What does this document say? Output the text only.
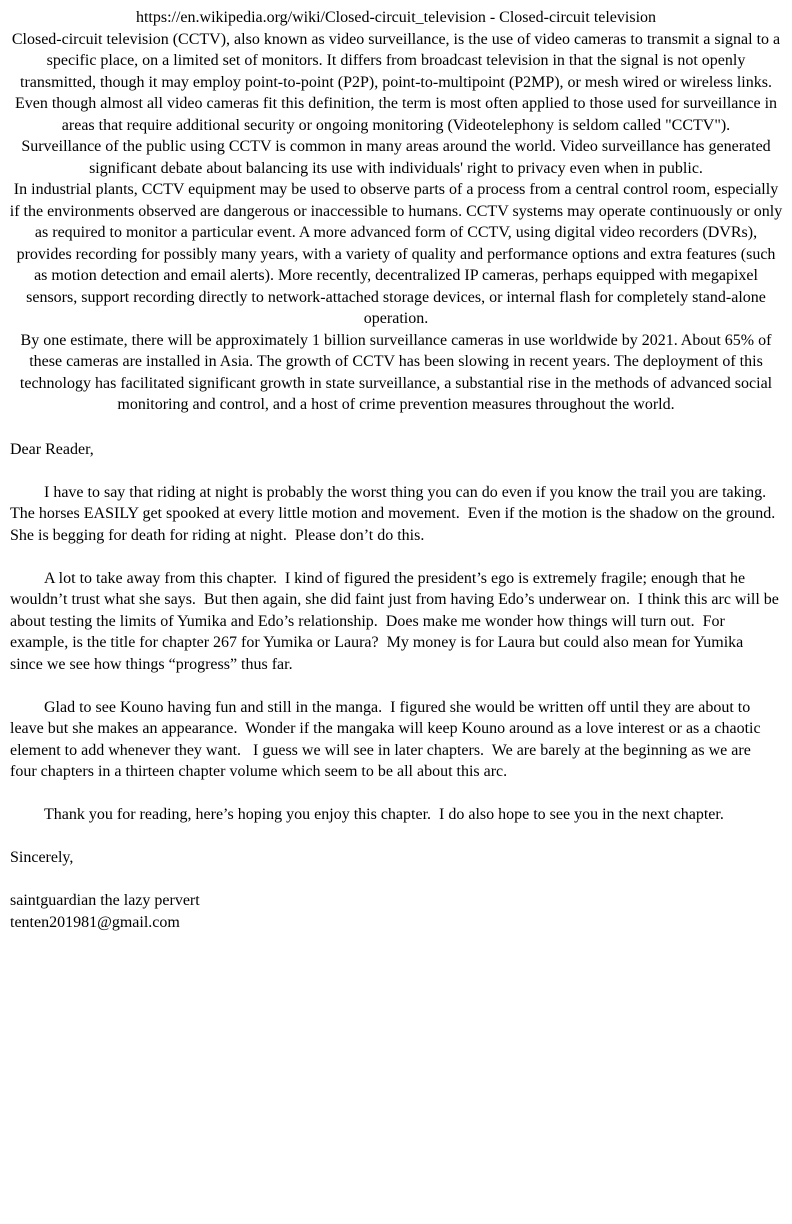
https://en.wikipedia.org/wiki/Closed-circuit_television - Closed-circuit television

Closed-circuit television (CCTV), also known as video surveillance, is the use of video cameras to transmit a signal to a specific place, on a limited set of monitors. It differs from broadcast television in that the signal is not openly transmitted, though it may employ point-to-point (P2P), point-to-multipoint (P2MP), or mesh wired or wireless links. Even though almost all video cameras fit this definition, the term is most often applied to those used for surveillance in areas that require additional security or ongoing monitoring (Videotelephony is seldom called "CCTV").

Surveillance of the public using CCTV is common in many areas around the world. Video surveillance has generated significant debate about balancing its use with individuals' right to privacy even when in public.

In industrial plants, CCTV equipment may be used to observe parts of a process from a central control room, especially if the environments observed are dangerous or inaccessible to humans. CCTV systems may operate continuously or only as required to monitor a particular event. A more advanced form of CCTV, using digital video recorders (DVRs), provides recording for possibly many years, with a variety of quality and performance options and extra features (such as motion detection and email alerts). More recently, decentralized IP cameras, perhaps equipped with megapixel sensors, support recording directly to network-attached storage devices, or internal flash for completely stand-alone operation.

By one estimate, there will be approximately 1 billion surveillance cameras in use worldwide by 2021. About 65% of these cameras are installed in Asia. The growth of CCTV has been slowing in recent years. The deployment of this technology has facilitated significant growth in state surveillance, a substantial rise in the methods of advanced social monitoring and control, and a host of crime prevention measures throughout the world.

Dear Reader,

I have to say that riding at night is probably the worst thing you can do even if you know the trail you are taking.  The horses EASILY get spooked at every little motion and movement.  Even if the motion is the shadow on the ground.  She is begging for death for riding at night.  Please don’t do this.

A lot to take away from this chapter.  I kind of figured the president’s ego is extremely fragile; enough that he wouldn’t trust what she says.  But then again, she did faint just from having Edo’s underwear on.  I think this arc will be about testing the limits of Yumika and Edo’s relationship.  Does make me wonder how things will turn out.  For example, is the title for chapter 267 for Yumika or Laura?  My money is for Laura but could also mean for Yumika since we see how things “progress” thus far.

Glad to see Kouno having fun and still in the manga.  I figured she would be written off until they are about to leave but she makes an appearance.  Wonder if the mangaka will keep Kouno around as a love interest or as a chaotic element to add whenever they want.   I guess we will see in later chapters.  We are barely at the beginning as we are four chapters in a thirteen chapter volume which seem to be all about this arc.

Thank you for reading, here’s hoping you enjoy this chapter.  I do also hope to see you in the next chapter.

Sincerely,

saintguardian the lazy pervert

tenten201981@gmail.com
